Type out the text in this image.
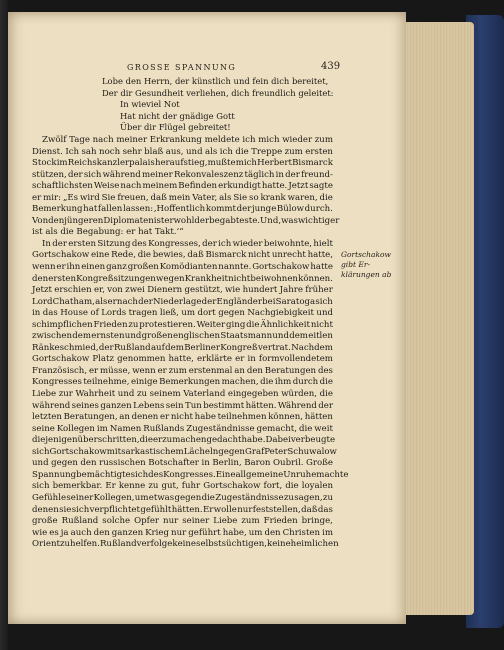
GROSSE SPANNUNG	439
Lobe den Herrn, der künstlich und fein dich bereitet,
Der dir Gesundheit verliehen, dich freundlich geleitet:
In wieviel Not
Hat nicht der gnädige Gott
Über dir Flügel gebreitet!
Zwölf Tage nach meiner Erkrankung meldete ich mich wieder zum
Dienst. Ich sah noch sehr blaß aus, und als ich die Treppe zum ersten
Stock im Reichskanzlerpalais heraufstieg, mußte mich Herbert Bismarck
stützen, der sich während meiner Rekonvaleszenz täglich in der freund-
schaftlichsten Weise nach meinem Befinden erkundigt hatte. Jetzt sagte
er mir: „Es wird Sie freuen, daß mein Vater, als Sie so krank waren, die
Bemerkung hat fallen lassen: ‚Hoffentlich kommt der junge Bülow durch.
Von den jüngeren Diplomaten ist er wohl der begabteste. Und, was wichtiger
ist als die Begabung: er hat Takt.‘“
In der ersten Sitzung des Kongresses, der ich wieder beiwohnte, hielt
Gortschakow eine Rede, die bewies, daß Bismarck nicht unrecht hatte,
wenn er ihn einen ganz großen Komödianten nannte. Gortschakow hatte
den ersten Kongreßsitzungen wegen Krankheit nicht beiwohnen können.
Jetzt erschien er, von zwei Dienern gestützt, wie hundert Jahre früher
Lord Chatham, als er nach der Niederlage der Engländer bei Saratoga sich
in das House of Lords tragen ließ, um dort gegen Nachgiebigkeit und
schimpflichen Frieden zu protestieren. Weiter ging die Ähnlichkeit nicht
zwischen dem ernsten und großen englischen Staatsmann und dem eitlen
Ränkeschmied, der Rußland auf dem Berliner Kongreß vertrat. Nachdem
Gortschakow Platz genommen hatte, erklärte er in formvollendetem
Französisch, er müsse, wenn er zum erstenmal an den Beratungen des
Kongresses teilnehme, einige Bemerkungen machen, die ihm durch die
Liebe zur Wahrheit und zu seinem Vaterland eingegeben würden, die
während seines ganzen Lebens sein Tun bestimmt hätten. Während der
letzten Beratungen, an denen er nicht habe teilnehmen können, hätten
seine Kollegen im Namen Rußlands Zugeständnisse gemacht, die weit
diejenigen überschritten, die er zu machen gedacht habe. Dabei verbeugte
sich Gortschakow mit sarkastischem Lächeln gegen Graf Peter Schuwalow
und gegen den russischen Botschafter in Berlin, Baron Oubril. Große
Spannung bemächtigte sich des Kongresses. Eine allgemeine Unruhe machte
sich bemerkbar. Er kenne zu gut, fuhr Gortschakow fort, die loyalen
Gefühle seiner Kollegen, um etwas gegen die Zugeständnisse zu sagen, zu
denen sie sich verpflichtet gefühlt hätten. Er wolle nur feststellen, daß das
große Rußland solche Opfer nur seiner Liebe zum Frieden bringe,
wie es ja auch den ganzen Krieg nur geführt habe, um den Christen im
Orient zu helfen. Rußland verfolge keine selbstsüchtigen, keine heimlichen
Gortschakow
gibt Er-
klärungen ab
